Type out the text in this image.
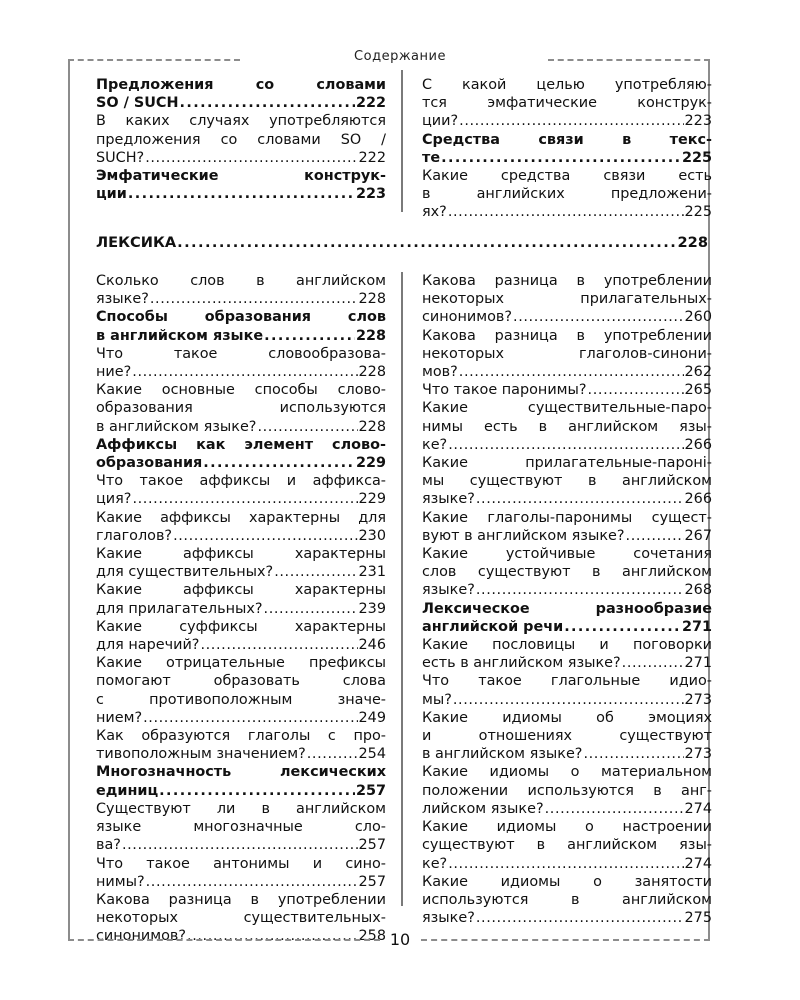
Содержание
Предложения со словами
SO / SUCH .....	222
В каких случаях употребляются
предложения со словами SO /
SUCH? .....	222
Эмфатические конструк-
ции .....	223
С какой целью употребляю-
тся эмфатические конструк-
ции? .....	223
Средства связи в текс-
те .....	225
Какие средства связи есть
в английских предложени-
ях? .....	225
ЛЕКСИКА .....	228
Сколько слов в английском
языке? .....	228
Способы образования слов
в английском языке .....	228
Что такое словообразова-
ние? .....	228
Какие основные способы слово-
образования используются
в английском языке? .....	228
Аффиксы как элемент слово-
образования .....	229
Что такое аффиксы и аффикса-
ция? .....	229
Какие аффиксы характерны для
глаголов? .....	230
Какие аффиксы характерны
для существительных? .....	231
Какие аффиксы характерны
для прилагательных? .....	239
Какие суффиксы характерны
для наречий? .....	246
Какие отрицательные префиксы
помогают образовать слова
с противоположным значе-
нием? .....	249
Как образуются глаголы с про-
тивоположным значением? .....	254
Многозначность лексических
единиц .....	257
Существуют ли в английском
языке многозначные сло-
ва? .....	257
Что такое антонимы и сино-
нимы? .....	257
Какова разница в употреблении
некоторых существительных-
синонимов? .....	258
Какова разница в употреблении
некоторых прилагательных-
синонимов? .....	260
Какова разница в употреблении
некоторых глаголов-синони-
мов? .....	262
Что такое паронимы? .....	265
Какие существительные-паро-
нимы есть в английском язы-
ке? .....	266
Какие прилагательные-пароні-
мы существуют в английском
языке? .....	266
Какие глаголы-паронимы сущест-
вуют в английском языке? .....	267
Какие устойчивые сочетания
слов существуют в английском
языке? .....	268
Лексическое разнообразие
английской речи .....	271
Какие пословицы и поговорки
есть в английском языке? .....	271
Что такое глагольные идио-
мы? .....	273
Какие идиомы об эмоциях
и отношениях существуют
в английском языке? .....	273
Какие идиомы о материальном
положении используются в анг-
лийском языке? .....	274
Какие идиомы о настроении
существуют в английском язы-
ке? .....	274
Какие идиомы о занятости
используются в английском
языке? .....	275
10
